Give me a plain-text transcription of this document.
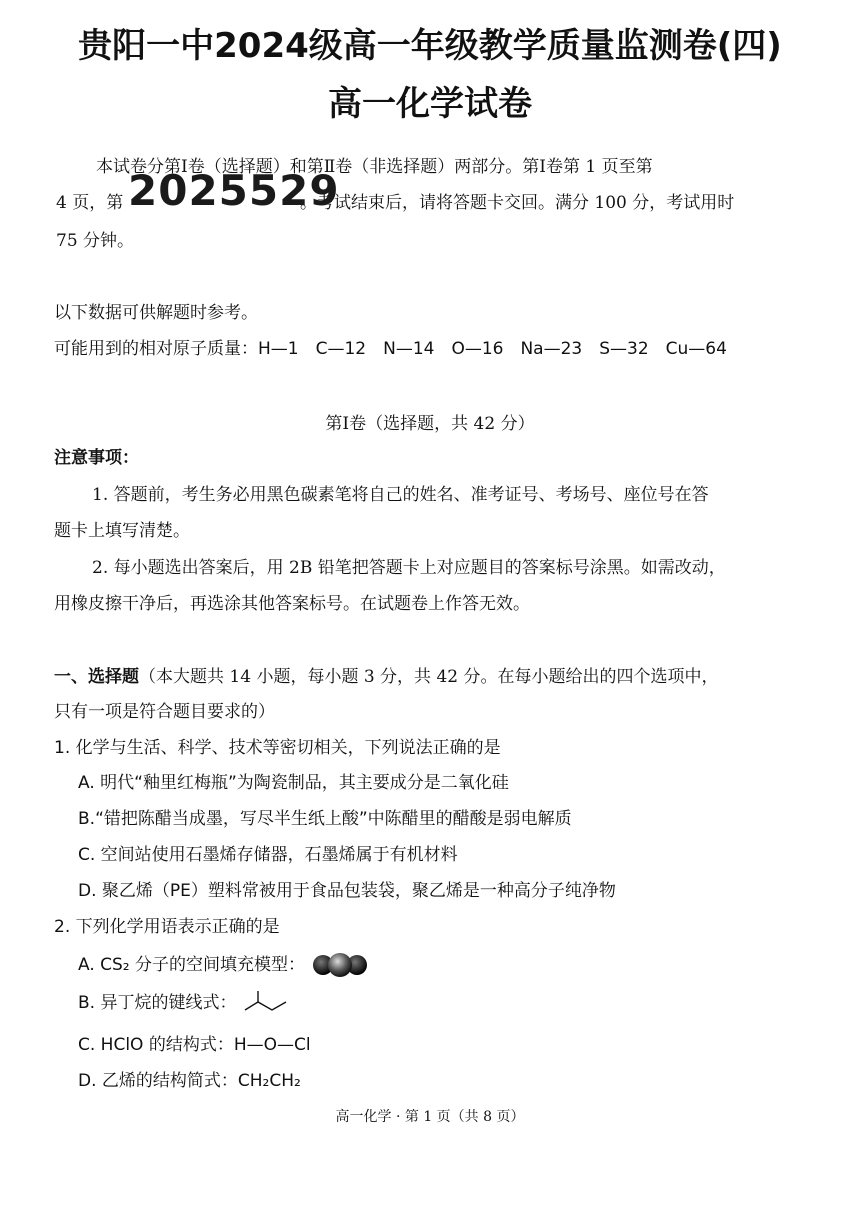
贵阳一中2024级高一年级教学质量监测卷(四)
高一化学试卷
本试卷分第Ⅰ卷（选择题）和第Ⅱ卷（非选择题）两部分。第Ⅰ卷第 1 页至第
4 页，第	。考试结束后，请将答题卡交回。满分 100 分，考试用时
75 分钟。
2025529
以下数据可供解题时参考。
可能用到的相对原子质量：H—1　C—12　N—14　O—16　Na—23　S—32　Cu—64
第Ⅰ卷（选择题，共 42 分）
注意事项：
1. 答题前，考生务必用黑色碳素笔将自己的姓名、准考证号、考场号、座位号在答
题卡上填写清楚。
2. 每小题选出答案后，用 2B 铅笔把答题卡上对应题目的答案标号涂黑。如需改动，
用橡皮擦干净后，再选涂其他答案标号。在试题卷上作答无效。
一、选择题（本大题共 14 小题，每小题 3 分，共 42 分。在每小题给出的四个选项中，
只有一项是符合题目要求的）
1. 化学与生活、科学、技术等密切相关，下列说法正确的是
A. 明代“釉里红梅瓶”为陶瓷制品，其主要成分是二氧化硅
B.“错把陈醋当成墨，写尽半生纸上酸”中陈醋里的醋酸是弱电解质
C. 空间站使用石墨烯存储器，石墨烯属于有机材料
D. 聚乙烯（PE）塑料常被用于食品包装袋，聚乙烯是一种高分子纯净物
2. 下列化学用语表示正确的是
A. CS₂ 分子的空间填充模型：
B. 异丁烷的键线式：
C. HClO 的结构式：H—O—Cl
D. 乙烯的结构简式：CH₂CH₂
高一化学 · 第 1 页（共 8 页）
